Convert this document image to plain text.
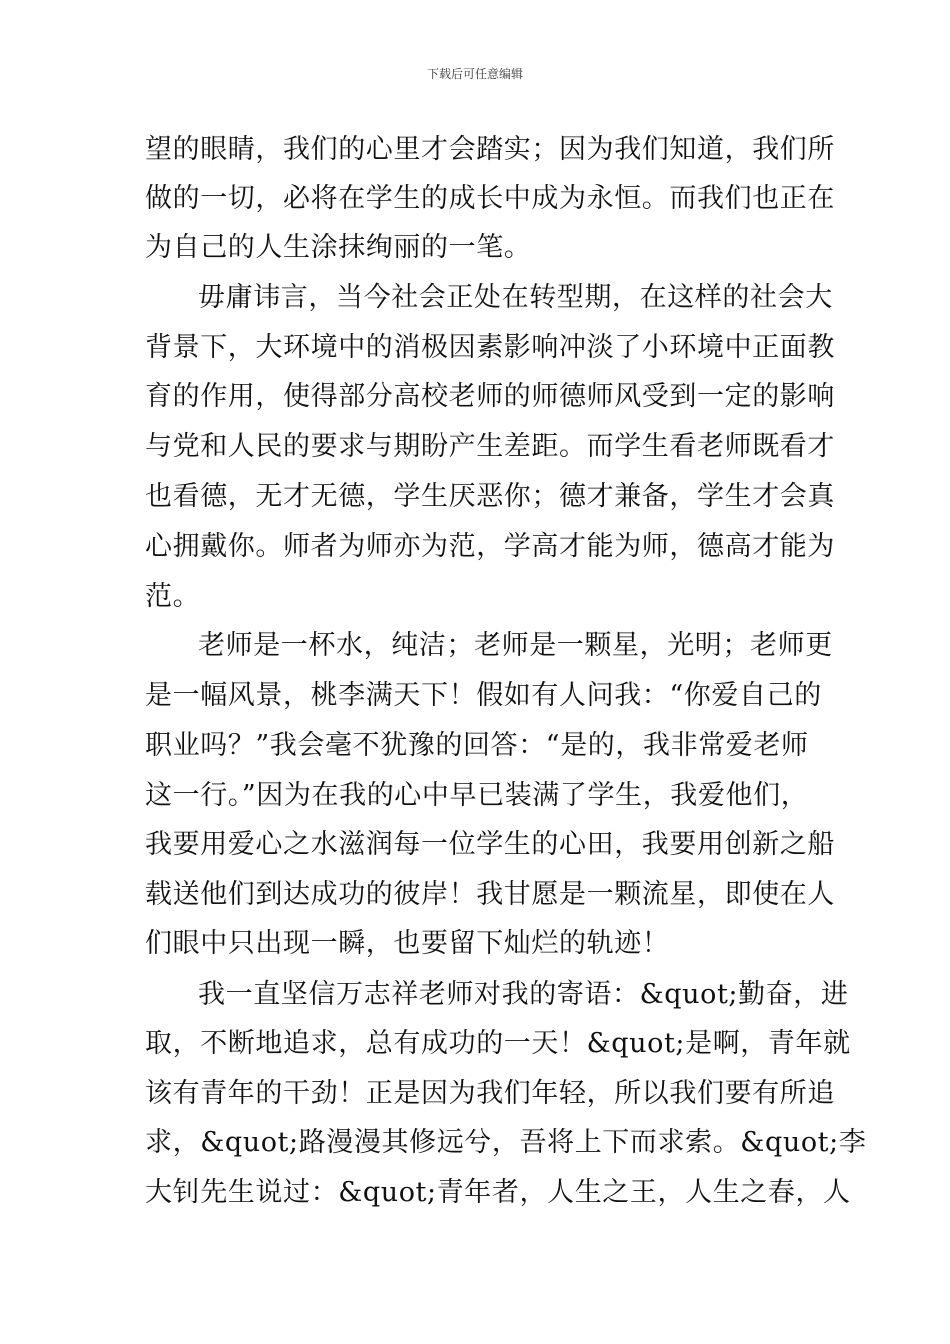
下载后可任意编辑
望的眼睛，我们的心里才会踏实；因为我们知道，我们所
做的一切，必将在学生的成长中成为永恒。而我们也正在
为自己的人生涂抹绚丽的一笔。
毋庸讳言，当今社会正处在转型期，在这样的社会大
背景下，大环境中的消极因素影响冲淡了小环境中正面教
育的作用，使得部分高校老师的师德师风受到一定的影响
与党和人民的要求与期盼产生差距。而学生看老师既看才
也看德，无才无德，学生厌恶你；德才兼备，学生才会真
心拥戴你。师者为师亦为范，学高才能为师，德高才能为
范。
老师是一杯水，纯洁；老师是一颗星，光明；老师更
是一幅风景，桃李满天下！假如有人问我：“你爱自己的
职业吗？”我会毫不犹豫的回答：“是的，我非常爱老师
这一行。”因为在我的心中早已装满了学生，我爱他们，
我要用爱心之水滋润每一位学生的心田，我要用创新之船
载送他们到达成功的彼岸！我甘愿是一颗流星，即使在人
们眼中只出现一瞬，也要留下灿烂的轨迹！
我一直坚信万志祥老师对我的寄语：&quot;勤奋，进
取，不断地追求，总有成功的一天！&quot;是啊，青年就
该有青年的干劲！正是因为我们年轻，所以我们要有所追
求，&quot;路漫漫其修远兮，吾将上下而求索。&quot;李
大钊先生说过：&quot;青年者，人生之王，人生之春，人
